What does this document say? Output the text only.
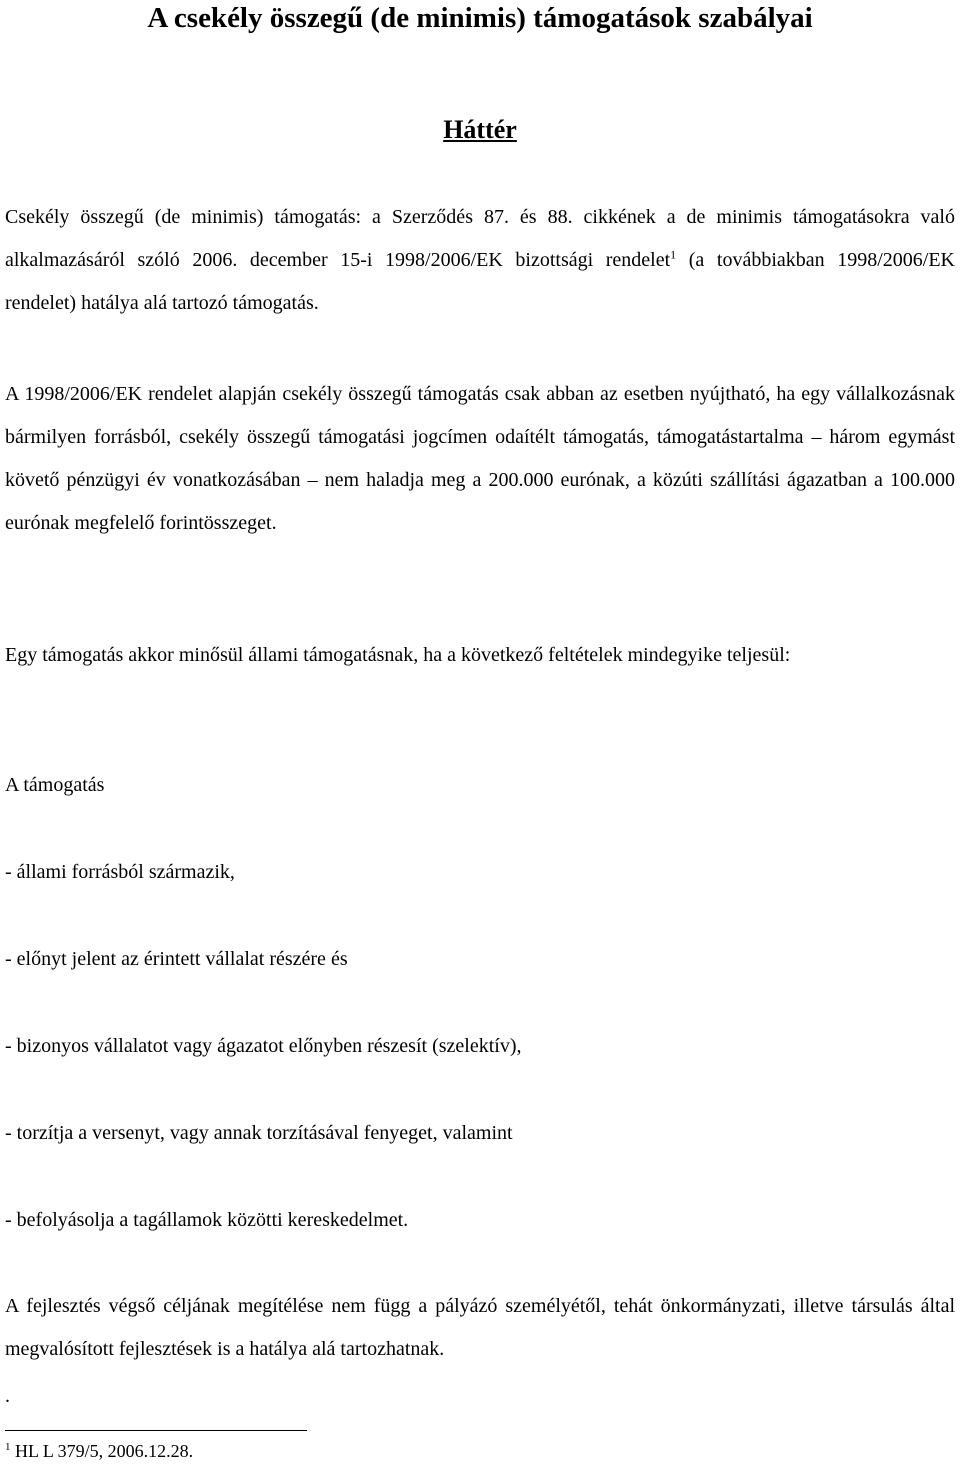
A csekély összegű (de minimis) támogatások szabályai
Háttér

Csekély összegű (de minimis) támogatás: a Szerződés 87. és 88. cikkének a de minimis támogatásokra való alkalmazásáról szóló 2006. december 15-i 1998/2006/EK bizottsági rendelet$^1$ (a továbbiakban 1998/2006/EK rendelet) hatálya alá tartozó támogatás.

A 1998/2006/EK rendelet alapján csekély összegű támogatás csak abban az esetben nyújtható, ha egy vállalkozásnak bármilyen forrásból, csekély összegű támogatási jogcímen odaítélt támogatás, támogatástartalma – három egymást követő pénzügyi év vonatkozásában – nem haladja meg a 200.000 eurónak, a közúti szállítási ágazatban a 100.000 eurónak megfelelő forintösszeget.

Egy támogatás akkor minősül állami támogatásnak, ha a következő feltételek mindegyike teljesül:

A támogatás
- állami forrásból származik,
- előnyt jelent az érintett vállalat részére és
- bizonyos vállalatot vagy ágazatot előnyben részesít (szelektív),
- torzítja a versenyt, vagy annak torzításával fenyeget, valamint
- befolyásolja a tagállamok közötti kereskedelmet.

A fejlesztés végső céljának megítélése nem függ a pályázó személyétől, tehát önkormányzati, illetve társulás által megvalósított fejlesztések is a hatálya alá tartozhatnak.

.
$^1$ HL L 379/5, 2006.12.28.
